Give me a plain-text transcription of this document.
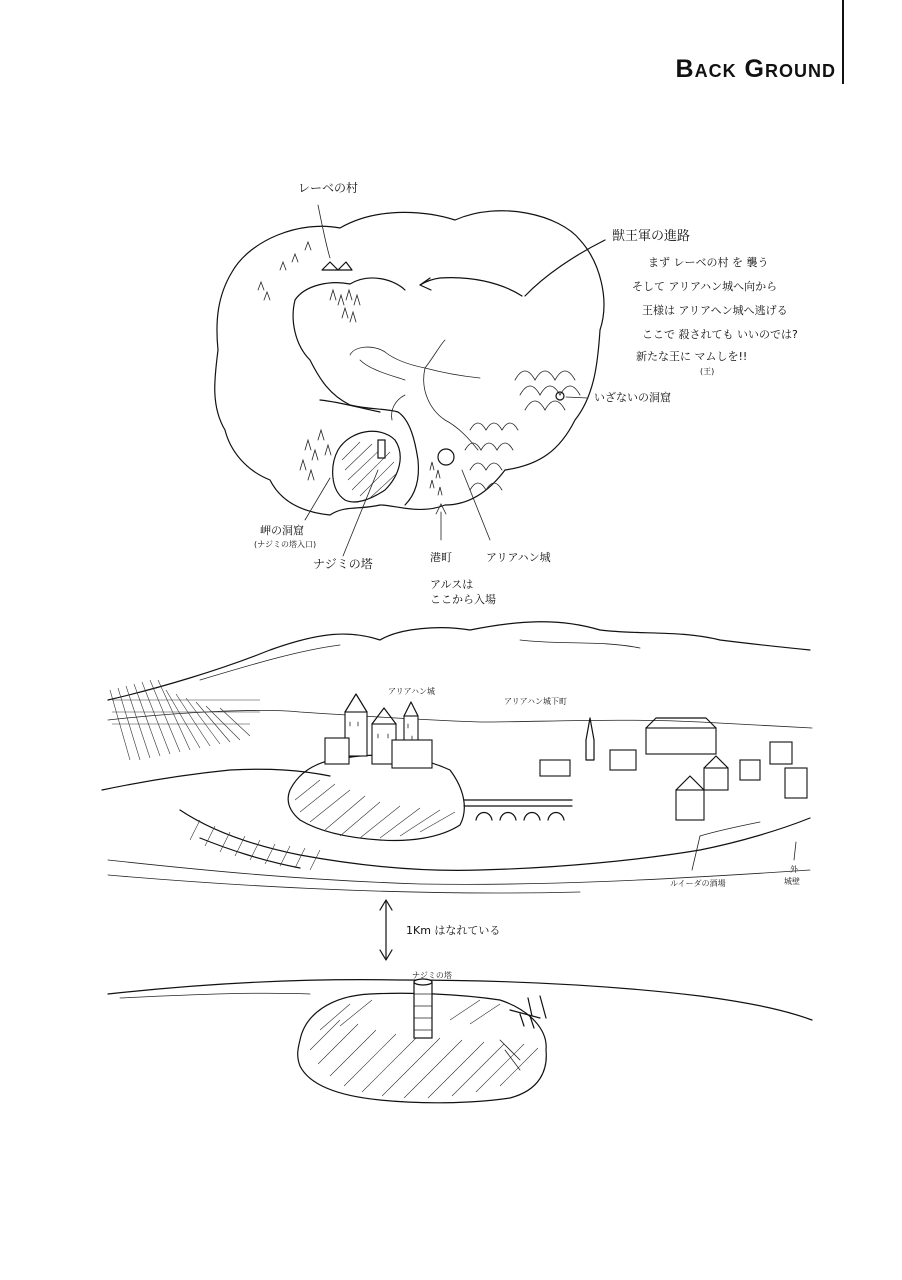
Back Ground
レーベの村
獣王軍の進路
まず レーベの村 を 襲う
そして アリアハン城へ向から
王様は アリアヘン城へ逃げる
ここで 殺されても いいのでは?
新たな王に マムしを!!
(王)
いざないの洞窟
岬の洞窟
(ナジミの塔入口)
ナジミの塔	港町	アリアハン城
アルスは
ここから入場
アリアハン城
アリアハン城下町
ルイーダの酒場
外
城壁
1Km はなれている
ナジミの塔
